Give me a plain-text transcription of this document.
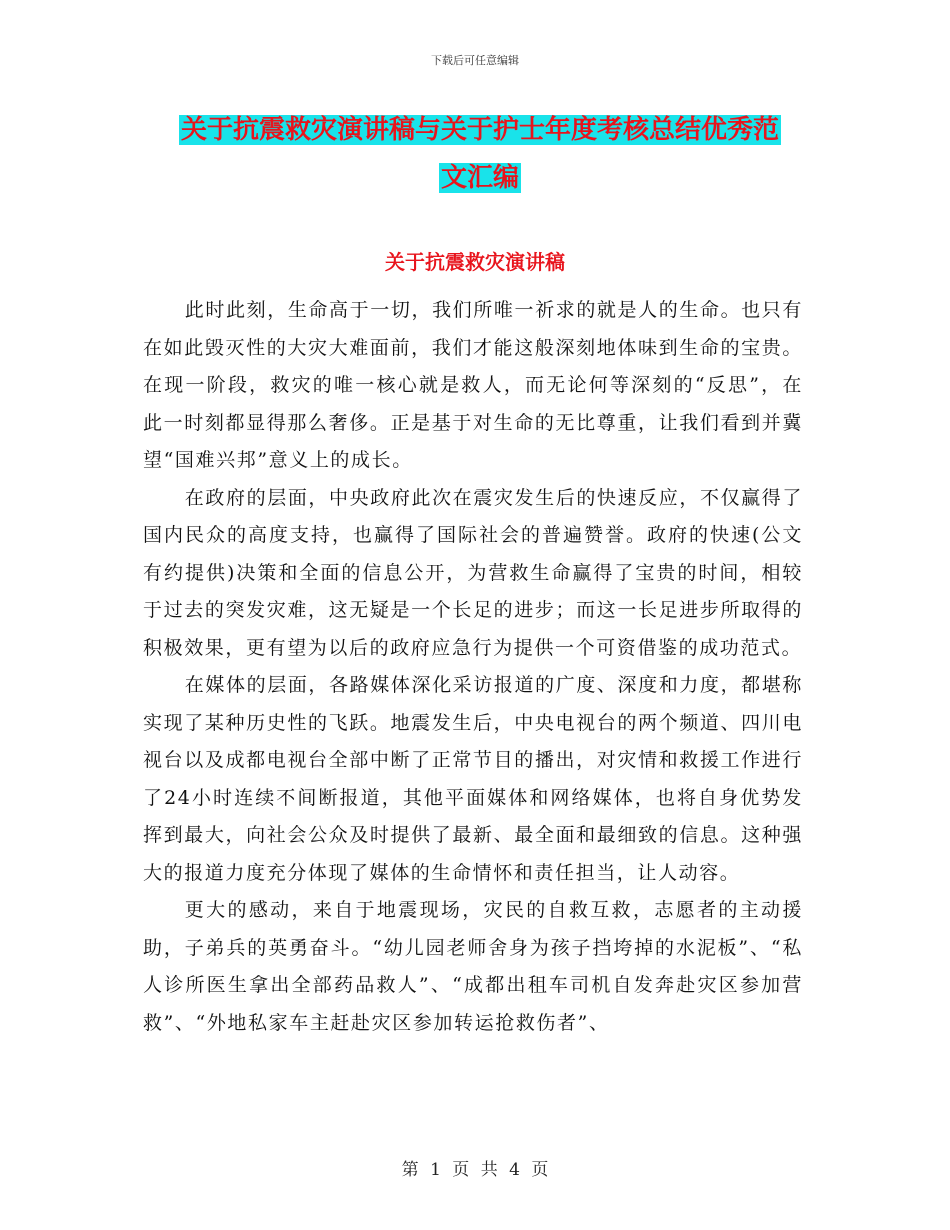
下载后可任意编辑
关于抗震救灾演讲稿与关于护士年度考核总结优秀范
文汇编
关于抗震救灾演讲稿

此时此刻，生命高于一切，我们所唯一祈求的就是人的生命。也只有在如此毁灭性的大灾大难面前，我们才能这般深刻地体味到生命的宝贵。在现一阶段，救灾的唯一核心就是救人，而无论何等深刻的“反思”，在此一时刻都显得那么奢侈。正是基于对生命的无比尊重，让我们看到并冀望“国难兴邦”意义上的成长。

在政府的层面，中央政府此次在震灾发生后的快速反应，不仅赢得了国内民众的高度支持，也赢得了国际社会的普遍赞誉。政府的快速(公文有约提供)决策和全面的信息公开，为营救生命赢得了宝贵的时间，相较于过去的突发灾难，这无疑是一个长足的进步；而这一长足进步所取得的积极效果，更有望为以后的政府应急行为提供一个可资借鉴的成功范式。

在媒体的层面，各路媒体深化采访报道的广度、深度和力度，都堪称实现了某种历史性的飞跃。地震发生后，中央电视台的两个频道、四川电视台以及成都电视台全部中断了正常节目的播出，对灾情和救援工作进行了24小时连续不间断报道，其他平面媒体和网络媒体，也将自身优势发挥到最大，向社会公众及时提供了最新、最全面和最细致的信息。这种强大的报道力度充分体现了媒体的生命情怀和责任担当，让人动容。

更大的感动，来自于地震现场，灾民的自救互救，志愿者的主动援助，子弟兵的英勇奋斗。“幼儿园老师舍身为孩子挡垮掉的水泥板”、“私人诊所医生拿出全部药品救人”、“成都出租车司机自发奔赴灾区参加营救”、“外地私家车主赶赴灾区参加转运抢救伤者”、

第 1 页 共 4 页
